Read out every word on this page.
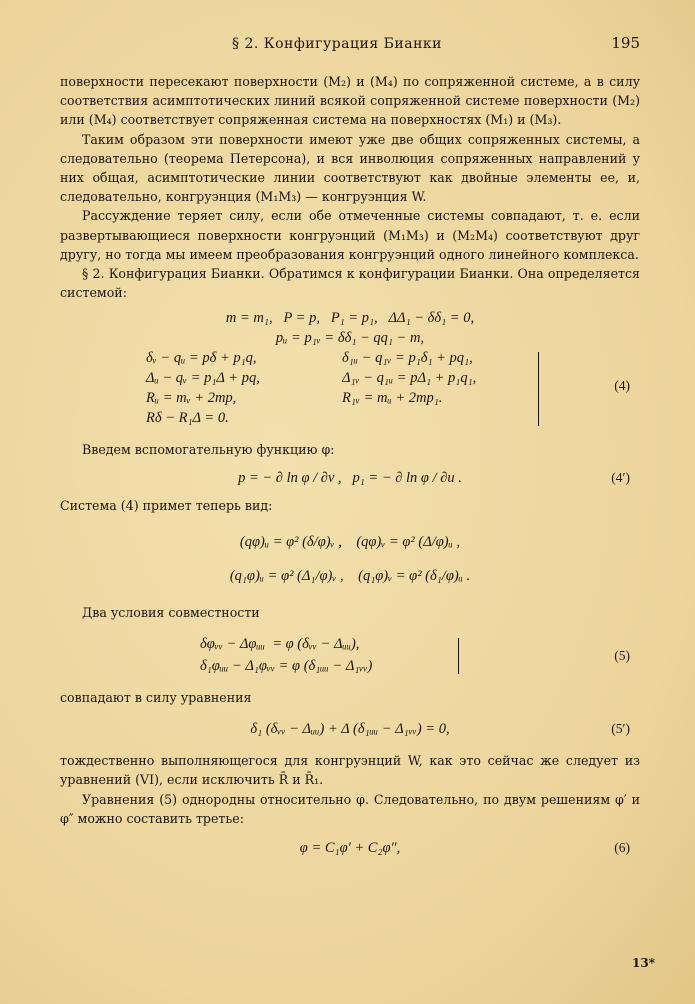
§ 2. Конфигурация Бианки	195

поверхности пересекают поверхности (M₂) и (M₄) по сопряженной системе, а в силу соответствия асимптотических линий всякой сопряженной системе поверхности (M₂) или (M₄) соответствует сопряженная система на поверхностях (M₁) и (M₃).

Таким образом эти поверхности имеют уже две общих сопряженных системы, а следовательно (теорема Петерсона), и вся инволюция сопряженных направлений у них общая, асимптотические линии соответствуют как двойные элементы ее, и, следовательно, конгруэнция (M₁M₃) — конгруэнция W.

Рассуждение теряет силу, если обе отмеченные системы совпадают, т. е. если развертывающиеся поверхности конгруэнций (M₁M₃) и (M₂M₄) соответствуют друг другу, но тогда мы имеем преобразования конгруэнций одного линейного комплекса.

§ 2. Конфигурация Бианки. Обратимся к конфигурации Бианки. Она определяется системой:

m = m₁,   P = p,   P₁ = p₁,   ΔΔ₁ − δδ₁ = 0,
pᵤ = p₁ᵥ = δδ₁ − qq₁ − m,
δᵥ − qᵤ = pδ + p₁q,	δ₁ᵤ − q₁ᵥ = p₁δ₁ + pq₁,
Δᵤ − qᵥ = p₁Δ + pq,	Δ₁ᵥ − q₁ᵤ = pΔ₁ + p₁q₁,
Rᵤ = mᵥ + 2mp,	R₁ᵥ = mᵤ + 2mp₁.
Rδ − R₁Δ = 0.
(4)

Введем вспомогательную функцию φ:

p = − ∂ ln φ / ∂v ,   p₁ = − ∂ ln φ / ∂u .	(4′)

Система (4) примет теперь вид:

(qφ)ᵤ = φ² (δ/φ)ᵥ ,    (qφ)ᵥ = φ² (Δ/φ)ᵤ ,
(q₁φ)ᵤ = φ² (Δ₁/φ)ᵥ ,    (q₁φ)ᵥ = φ² (δ₁/φ)ᵤ .

Два условия совместности

δφᵥᵥ − Δφᵤᵤ  = φ (δᵥᵥ − Δᵤᵤ),
δ₁φᵤᵤ − Δ₁φᵥᵥ = φ (δ₁ᵤᵤ − Δ₁ᵥᵥ)
(5)

совпадают в силу уравнения

δ₁ (δᵥᵥ − Δᵤᵤ) + Δ (δ₁ᵤᵤ − Δ₁ᵥᵥ) = 0,	(5′)

тождественно выполняющегося для конгруэнций W, как это сейчас же следует из уравнений (VI), если исключить R̄ и R̄₁.

Уравнения (5) однородны относительно φ. Следовательно, по двум решениям φ′ и φ″ можно составить третье:

φ = C₁φ′ + C₂φ″,	(6)
13*
